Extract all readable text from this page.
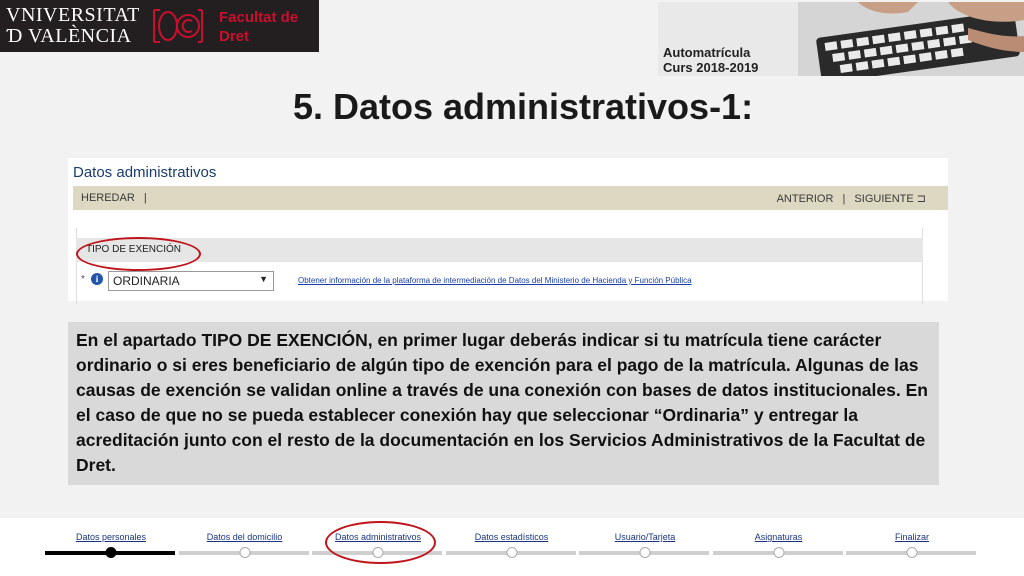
VNIVERSITAT
Ɗ VALÈNCIA
Facultat de
Dret
Automatrícula
Curs 2018-2019
5. Datos administrativos-1:
Datos administrativos
HEREDAR |	ANTERIOR | SIGUIENTE ⊐
TIPO DE EXENCIÓN
*	i	ORDINARIA	▼	Obtener información de la plataforma de intermediación de Datos del Ministerio de Hacienda y Función Pública

En el apartado TIPO DE EXENCIÓN, en primer lugar deberás indicar si tu matrícula tiene carácter ordinario o si eres beneficiario de algún tipo de exención para el pago de la matrícula. Algunas de las causas de exención se validan online a través de una conexión con bases de datos institucionales. En el caso de que no se pueda establecer conexión hay que seleccionar “Ordinaria” y entregar la acreditación junto con el resto de la documentación en los Servicios Administrativos de la Facultat de Dret.

Datos personales	Datos del domicilio	Datos administrativos	Datos estadísticos	Usuario/Tarjeta	Asignaturas	Finalizar
